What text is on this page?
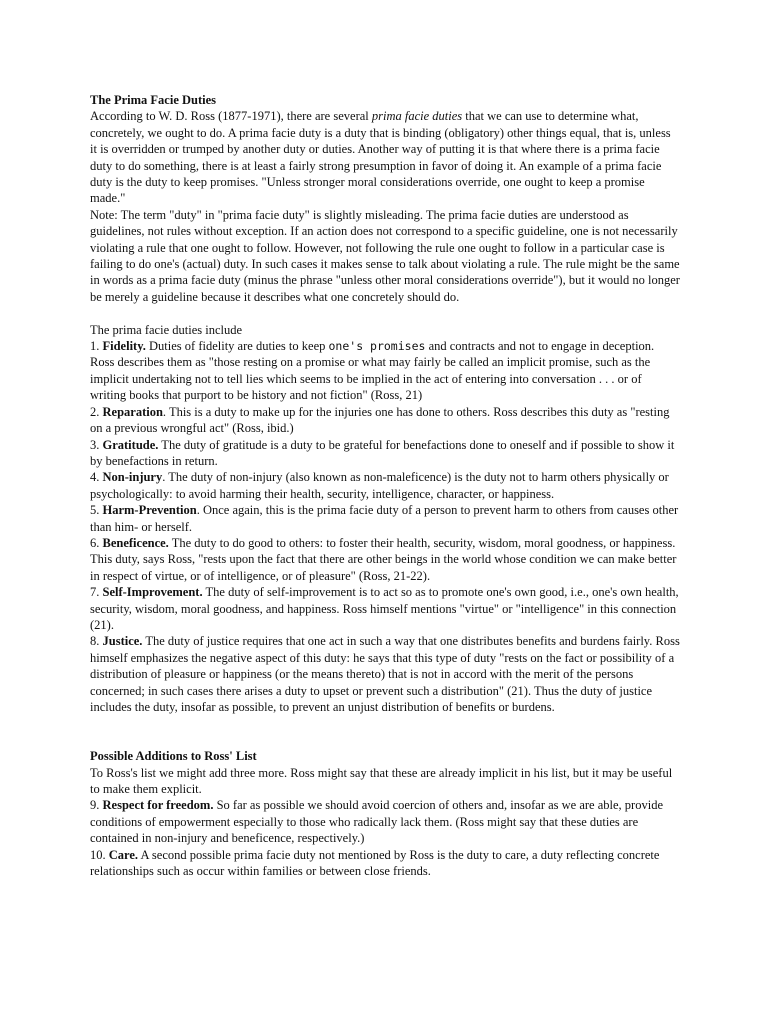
The Prima Facie Duties

According to W. D. Ross (1877-1971), there are several prima facie duties that we can use to determine what, concretely, we ought to do. A prima facie duty is a duty that is binding (obligatory) other things equal, that is, unless it is overridden or trumped by another duty or duties. Another way of putting it is that where there is a prima facie duty to do something, there is at least a fairly strong presumption in favor of doing it. An example of a prima facie duty is the duty to keep promises. "Unless stronger moral considerations override, one ought to keep a promise made."

Note: The term "duty" in "prima facie duty" is slightly misleading. The prima facie duties are understood as guidelines, not rules without exception. If an action does not correspond to a specific guideline, one is not necessarily violating a rule that one ought to follow. However, not following the rule one ought to follow in a particular case is failing to do one's (actual) duty. In such cases it makes sense to talk about violating a rule. The rule might be the same in words as a prima facie duty (minus the phrase "unless other moral considerations override"), but it would no longer be merely a guideline because it describes what one concretely should do.

The prima facie duties include

1. Fidelity. Duties of fidelity are duties to keep one's promises and contracts and not to engage in deception. Ross describes them as "those resting on a promise or what may fairly be called an implicit promise, such as the implicit undertaking not to tell lies which seems to be implied in the act of entering into conversation . . . or of writing books that purport to be history and not fiction" (Ross, 21)

2. Reparation. This is a duty to make up for the injuries one has done to others. Ross describes this duty as "resting on a previous wrongful act" (Ross, ibid.)

3. Gratitude. The duty of gratitude is a duty to be grateful for benefactions done to oneself and if possible to show it by benefactions in return.

4. Non-injury. The duty of non-injury (also known as non-maleficence) is the duty not to harm others physically or psychologically: to avoid harming their health, security, intelligence, character, or happiness.

5. Harm-Prevention. Once again, this is the prima facie duty of a person to prevent harm to others from causes other than him- or herself.

6. Beneficence. The duty to do good to others: to foster their health, security, wisdom, moral goodness, or happiness. This duty, says Ross, "rests upon the fact that there are other beings in the world whose condition we can make better in respect of virtue, or of intelligence, or of pleasure" (Ross, 21-22).

7. Self-Improvement. The duty of self-improvement is to act so as to promote one's own good, i.e., one's own health, security, wisdom, moral goodness, and happiness. Ross himself mentions "virtue" or "intelligence" in this connection (21).

8. Justice. The duty of justice requires that one act in such a way that one distributes benefits and burdens fairly. Ross himself emphasizes the negative aspect of this duty: he says that this type of duty "rests on the fact or possibility of a distribution of pleasure or happiness (or the means thereto) that is not in accord with the merit of the persons concerned; in such cases there arises a duty to upset or prevent such a distribution" (21). Thus the duty of justice includes the duty, insofar as possible, to prevent an unjust distribution of benefits or burdens.

Possible Additions to Ross' List

To Ross's list we might add three more. Ross might say that these are already implicit in his list, but it may be useful to make them explicit.

9. Respect for freedom. So far as possible we should avoid coercion of others and, insofar as we are able, provide conditions of empowerment especially to those who radically lack them. (Ross might say that these duties are contained in non-injury and beneficence, respectively.)

10. Care. A second possible prima facie duty not mentioned by Ross is the duty to care, a duty reflecting concrete relationships such as occur within families or between close friends.
